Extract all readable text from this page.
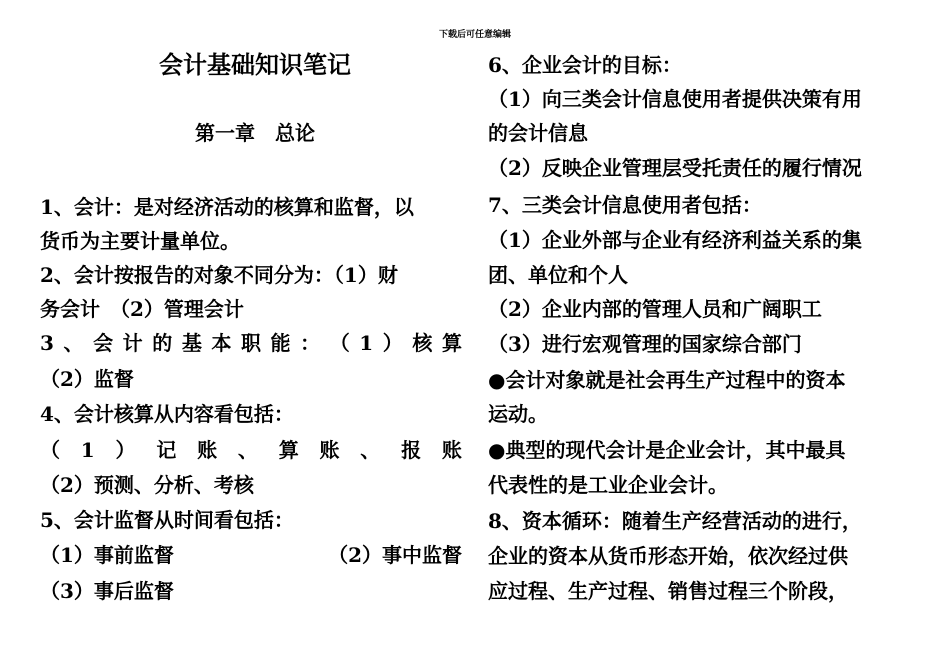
下载后可任意编辑
会计基础知识笔记
第一章　总论
1、会计：是对经济活动的核算和监督，以
货币为主要计量单位。
2、会计按报告的对象不同分为：（1）财
务会计　（2）管理会计
3 、 会 计 的 基 本 职 能 ： （ 1 ） 核 算
（2）监督
4、会计核算从内容看包括：
（ 1 ） 记 账 、 算 账 、 报 账
（2）预测、分析、考核
5、会计监督从时间看包括：
（1）事前监督	（2）事中监督
（3）事后监督
6、企业会计的目标：
（1）向三类会计信息使用者提供决策有用
的会计信息
（2）反映企业管理层受托责任的履行情况
7、三类会计信息使用者包括：
（1）企业外部与企业有经济利益关系的集
团、单位和个人
（2）企业内部的管理人员和广阔职工
（3）进行宏观管理的国家综合部门
●会计对象就是社会再生产过程中的资本
运动。
●典型的现代会计是企业会计，其中最具
代表性的是工业企业会计。
8、资本循环：随着生产经营活动的进行，
企业的资本从货币形态开始，依次经过供
应过程、生产过程、销售过程三个阶段，
